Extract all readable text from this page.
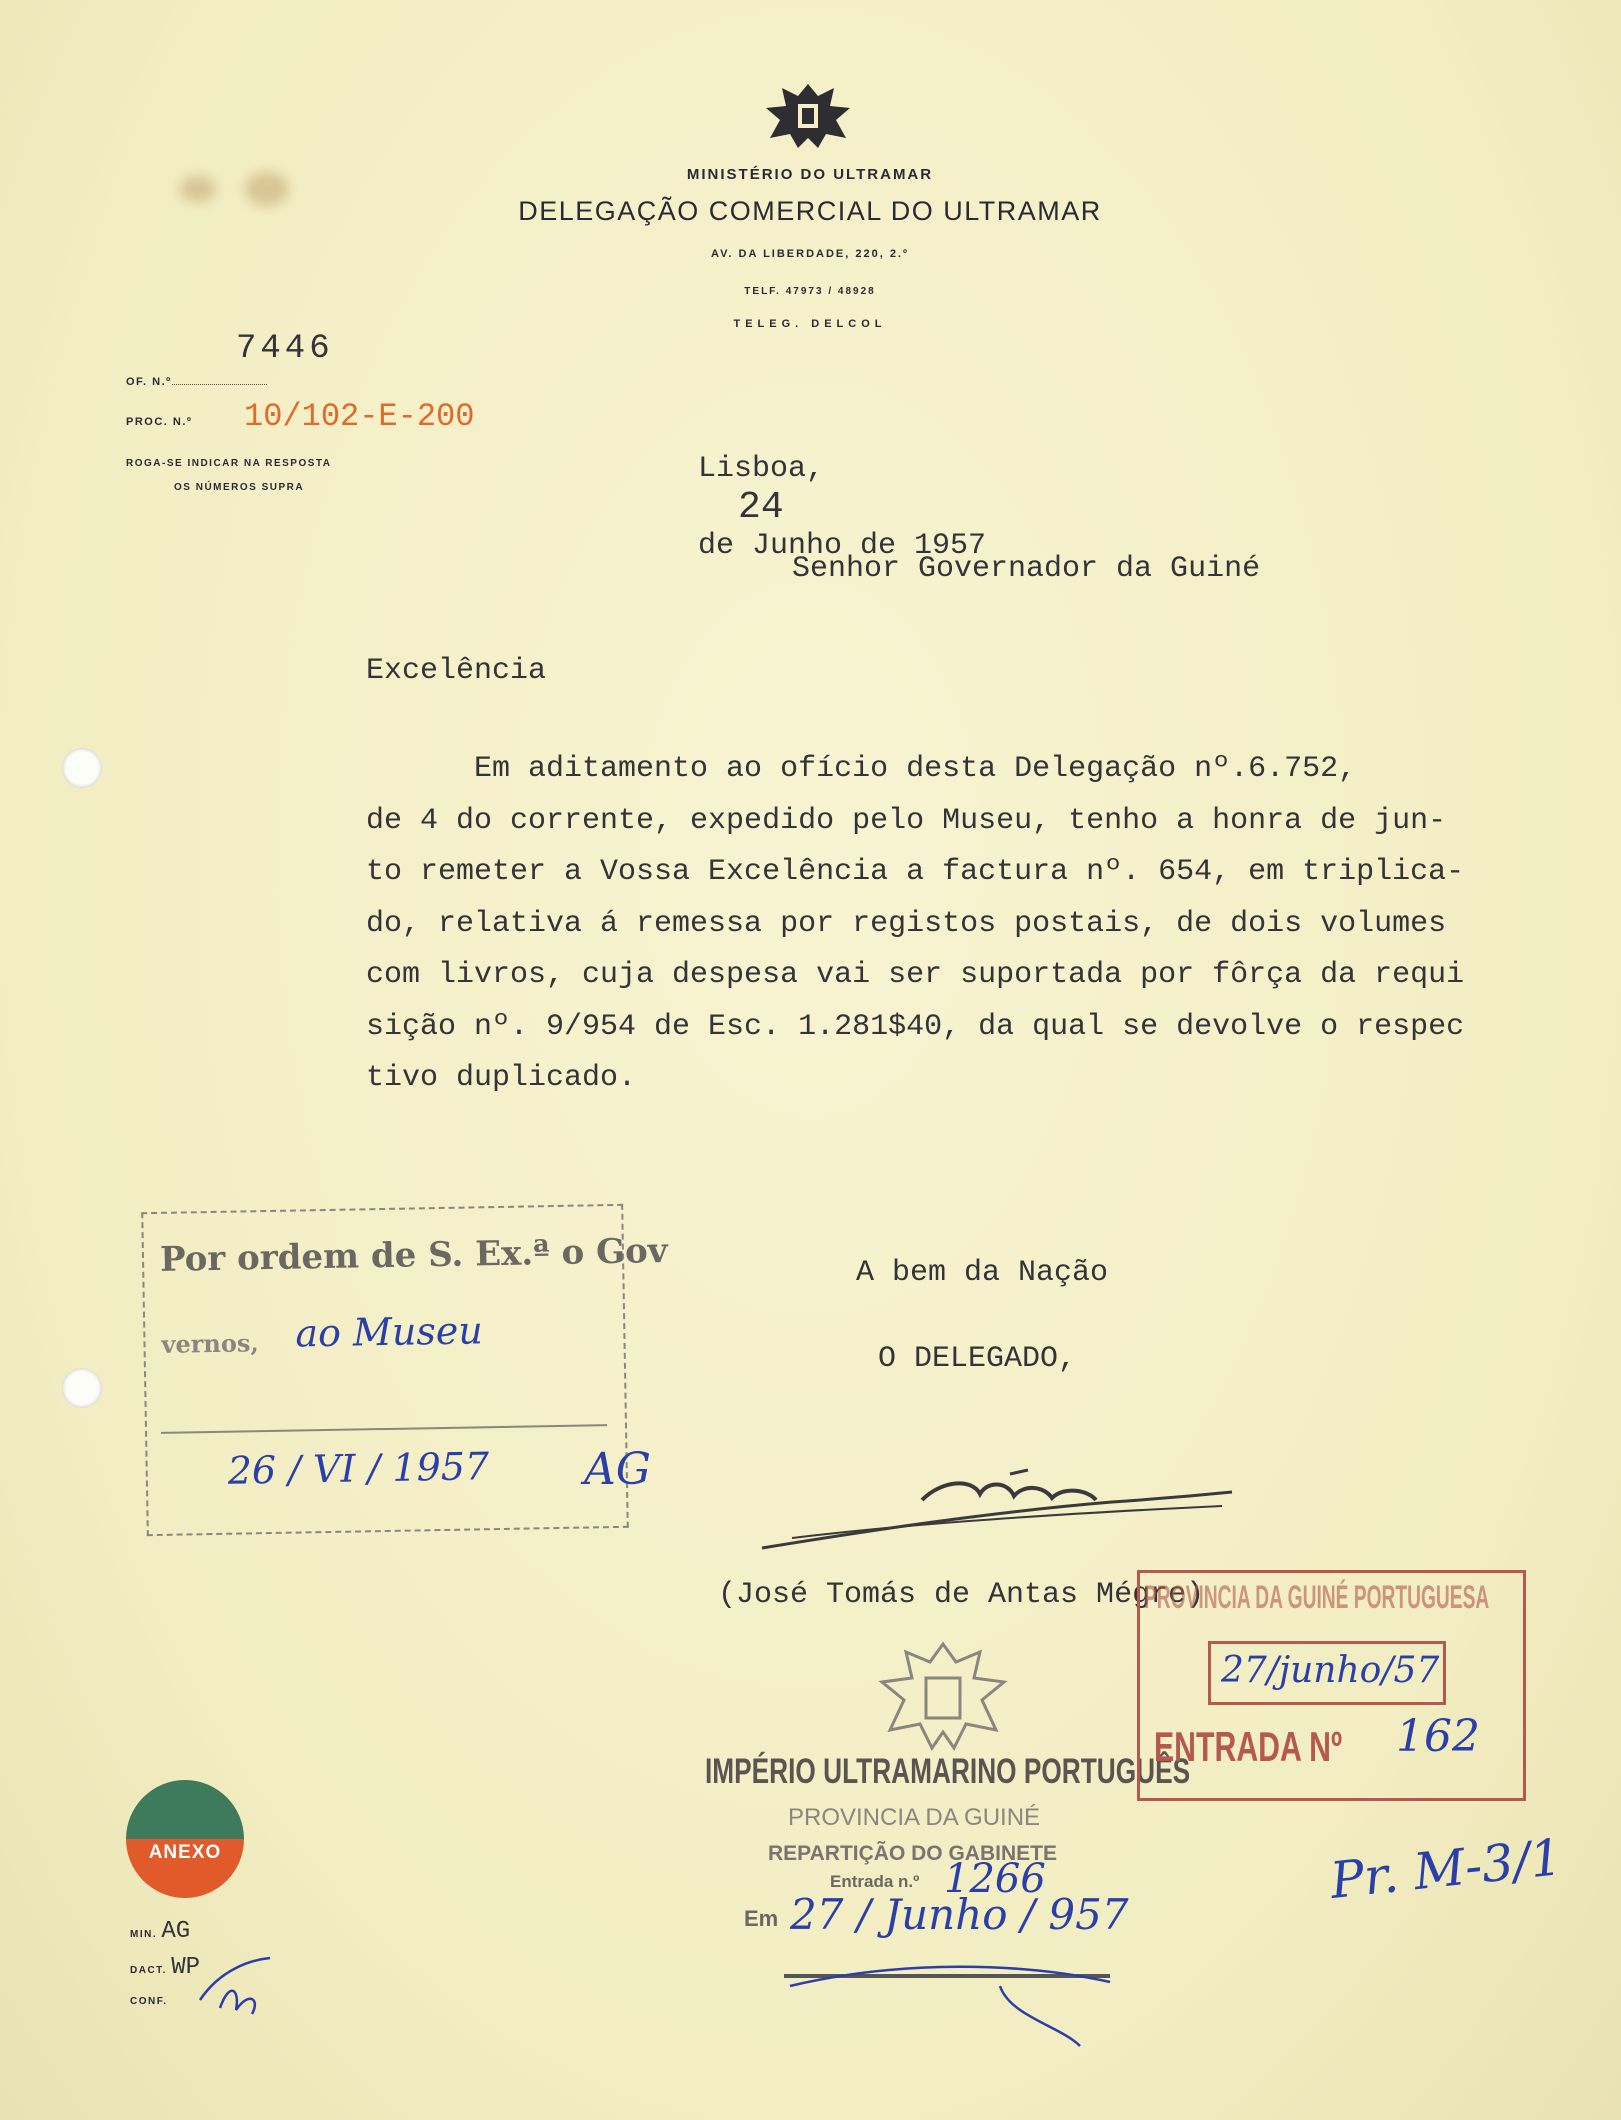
MINISTÉRIO DO ULTRAMAR
DELEGAÇÃO COMERCIAL DO ULTRAMAR
AV. DA LIBERDADE, 220, 2.º
TELF. 47973 / 48928
TELEG. DELCOL
7446
OF. N.º
PROC. N.º 10/102-E-200
ROGA-SE INDICAR NA RESPOSTA
OS NÚMEROS SUPRA

Lisboa,
24
de Junho de 1957

Senhor Governador da Guiné
Excelência
Em aditamento ao ofício desta Delegação nº.6.752,
de 4 do corrente, expedido pelo Museu, tenho a honra de jun-
to remeter a Vossa Excelência a factura nº. 654, em triplica-
do, relativa á remessa por registos postais, de dois volumes
com livros, cuja despesa vai ser suportada por fôrça da requi
sição nº. 9/954 de Esc. 1.281$40, da qual se devolve o respec
tivo duplicado.
A bem da Nação
O DELEGADO,
(José Tomás de Antas Mégre)
Por ordem de S. Ex.ª o Gov
vernos, ao Museu
26 / VI / 1957 AG
IMPÉRIO ULTRAMARINO PORTUGUÊS
PROVINCIA DA GUINÉ
REPARTIÇÃO DO GABINETE
Entrada n.º 1266
Em 27 / Junho / 957
PROVINCIA DA GUINÉ PORTUGUESA
27/junho/57
ENTRADA Nº 162
Pr. M-3/1
ANEXO
MIN. AG
DACT. WP
CONF.
